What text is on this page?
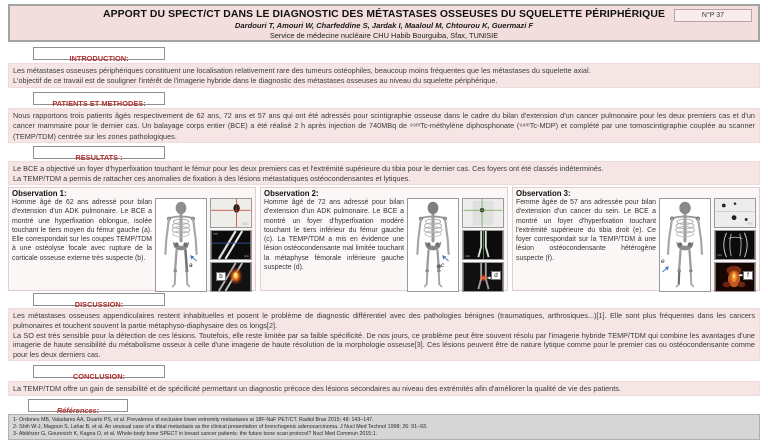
APPORT DU SPECT/CT DANS LE DIAGNOSTIC DES MÉTASTASES OSSEUSES DU SQUELETTE PÉRIPHÉRIQUE
Dardouri T, Amouri W, Charfeddine S, Jardak I, Maaloul M, Chtourou K, Guermazi F
Service de médecine nucléaire CHU Habib Bourguiba, Sfax, TUNISIE
N°P 37
INTRODUCTION:
Les métastases osseuses périphériques constituent une localisation relativement rare des tumeurs ostéophiles, beaucoup moins fréquentes que les métastases du squelette axial.
L'objectif de ce travail est de souligner l'intérêt de l'imagerie hybride dans le diagnostic des métastases osseuses au niveau du squelette périphérique.
PATIENTS ET METHODES:
Nous rapportons trois patients âgés respectivement de 62 ans, 72 ans et 57 ans qui ont été adressés pour scintigraphie osseuse dans le cadre du bilan d'extension d'un cancer pulmonaire pour les deux premiers cas et d'un cancer mammaire pour le dernier cas. Un balayage corps entier (BCE) a été réalisé 2 h après injection de 740MBq de ⁹⁹ᵐTc-méthylène diphosphonate (⁹⁹ᵐTc-MDP) et complété par une tomoscintigraphie couplée au scanner (TEMP/TDM) centrée sur les zones pathologiques.
RESULTATS :
Le BCE a objectivé un foyer d'hyperfixation touchant le fémur pour les deux premiers cas et l'extrémité supérieure du tibia pour le dernier cas. Ces foyers ont été classés indéterminés.
La TEMP/TDM a permis de rattacher ces anomalies de fixation à des lésions métastatiques ostéocondensantes et lytiques.
Observation 1:
Homme âgé de 62 ans adressé pour bilan d'extension d'un ADK pulmonaire. Le BCE a montré une hyperfixation oblongue, isolée touchant le tiers moyen du fémur gauche (a). Elle correspondait sur les coupes TEMP/TDM à une ostéolyse focale avec rupture de la corticale osseuse externe très suspecte (b).
a
b
Observation 2:
Homme âgé de 72 ans adressé pour bilan d'extension d'un ADK pulmonaire. Le BCE a montré un foyer d'hyperfixation modéré touchant le tiers inférieur du fémur gauche (c). La TEMP/TDM a mis en évidence une lésion ostéocondensante mal limitée touchant la métaphyse fémorale inférieure gauche suspecte (d).	c
d
Observation 3:
Femme âgée de 57 ans adressée pour bilan d'extension d'un cancer du sein. Le BCE a montré un foyer d'hyperfixation touchant l'extrémité supérieure du tibia droit (e). Ce foyer correspondait sur la TEMP/TDM à une lésion ostéocondensante hétérogène suspecte (f).	e
f
DISCUSSION:
Les métastases osseuses appendiculaires restent inhabituelles et posent le problème de diagnostic différentiel avec des pathologies bénignes (traumatiques, arthrosiques...)[1]. Elle sont plus fréquentes dans les cancers pulmonaires et touchent souvent la partie métaphyso-diaphysaire des os longs[2].
La SO est très sensible pour la détection de ces lésions. Toutefois, elle reste limitée par sa faible spécificité. De nos jours, ce problème peut être souvent résolu par l'imagerie hybride TEMP/TDM qui combine les avantages d'une imagerie de haute sensibilité du métabolisme osseux à celle d'une imagerie de haute résolution de la morphologie osseuse[3]. Ces lésions peuvent être de nature lytique comme pour le premier cas ou ostéocondensante comme pour les deux derniers cas.
CONCLUSION:
La TEMP/TDM offre un gain de sensibilité et de spécificité permettant un diagnostic précoce des lésions secondaires au niveau des extrémités afin d'améliorer la qualité de vie des patients.
Références:
1- Ordones MB, Valadares AA, Duarte PS, et al. Prevalence of exclusive lower extremity metastases at 18F-NaF PET/CT. Radiol Bras 2015; 48: 143–147.
2- Shih W-J, Magoun S, Lahar B, et al. An unusual case of a tibial metastasis as the clinical presentation of bronchogenic adenocarcinoma. J Nucl Med Technol 1998; 26: 91–93.
3- Abikhzer G, Gourevich K, Kagna O, et al. Whole-body bone SPECT in breast cancer patients: the future bone scan protocol? Nucl Med Commun 2015;1.
